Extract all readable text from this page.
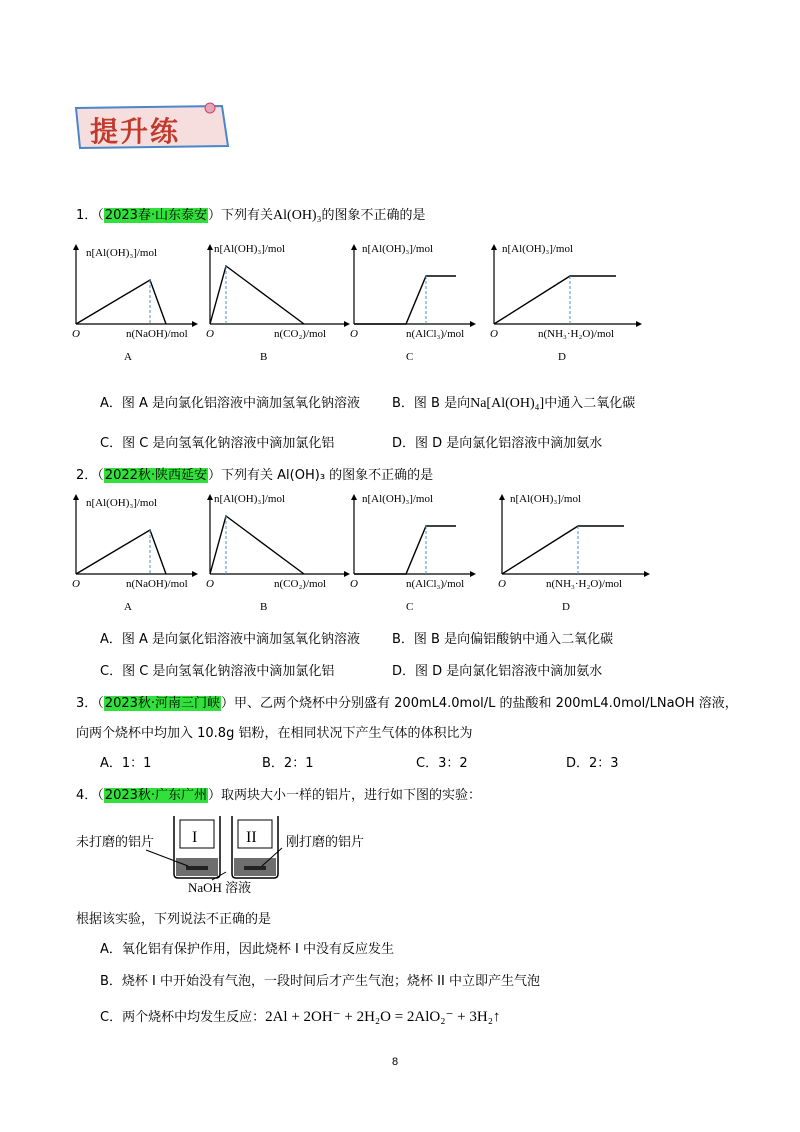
提升练
1．（2023春·山东泰安）下列有关Al(OH)₃的图象不正确的是
n[Al(OH)₃]/mol
n(NaOH)/mol
O
A
n[Al(OH)₃]/mol
n(CO₂)/mol
O
B
n[Al(OH)₃]/mol
n(AlCl₃)/mol
O
C
n[Al(OH)₃]/mol
n(NH₃·H₂O)/mol
O
D
A．图 A 是向氯化铝溶液中滴加氢氧化钠溶液 B．图 B 是向Na[Al(OH)₄]中通入二氧化碳
C．图 C 是向氢氧化钠溶液中滴加氯化铝	D．图 D 是向氯化铝溶液中滴加氨水
2．（2022秋·陕西延安）下列有关 Al(OH)₃ 的图象不正确的是
n[Al(OH)₃]/mol
n(NaOH)/mol
O
A
n[Al(OH)₃]/mol
n(CO₂)/mol
O
B
n[Al(OH)₃]/mol
n(AlCl₃)/mol
O
C
n[Al(OH)₃]/mol
n(NH₃·H₂O)/mol
O
D
A．图 A 是向氯化铝溶液中滴加氢氧化钠溶液 B．图 B 是向偏铝酸钠中通入二氧化碳
C．图 C 是向氢氧化钠溶液中滴加氯化铝	D．图 D 是向氯化铝溶液中滴加氨水
3．（2023秋·河南三门峡）甲、乙两个烧杯中分别盛有 200mL4.0mol/L 的盐酸和 200mL4.0mol/LNaOH 溶液，
向两个烧杯中均加入 10.8g 铝粉，在相同状况下产生气体的体积比为
A．1：1	B．2：1	C．3：2	D．2：3
4．（2023秋·广东广州）取两块大小一样的铝片，进行如下图的实验：
I	II
未打磨的铝片	刚打磨的铝片
NaOH 溶液
根据该实验，下列说法不正确的是
A．氧化铝有保护作用，因此烧杯 I 中没有反应发生
B．烧杯 I 中开始没有气泡，一段时间后才产生气泡；烧杯 II 中立即产生气泡
C．两个烧杯中均发生反应：2Al + 2OH⁻ + 2H₂O = 2AlO₂⁻ + 3H₂↑
8
